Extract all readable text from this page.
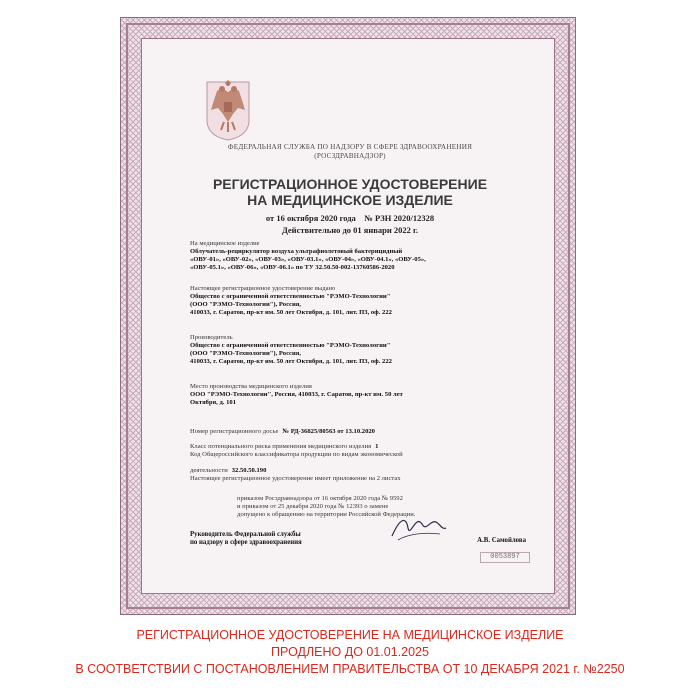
ФЕДЕРАЛЬНАЯ СЛУЖБА ПО НАДЗОРУ В СФЕРЕ ЗДРАВООХРАНЕНИЯ
(РОСЗДРАВНАДЗОР)
РЕГИСТРАЦИОННОЕ УДОСТОВЕРЕНИЕ
НА МЕДИЦИНСКОЕ ИЗДЕЛИЕ
от 16 октября 2020 года    № РЗН 2020/12328
Действительно до 01 январи 2022 г.
На медицинское изделие
Облучатель-рециркулятор воздуха ультрафиолетовый бактерицидный
«ОВУ-01», «ОВУ-02», «ОВУ-03», «ОВУ-03.1», «ОВУ-04», «ОВУ-04.1», «ОВУ-05»,
«ОВУ-05.1», «ОВУ-06», «ОВУ-06.1» по ТУ 32.50.50-002-13760586-2020
Настоящее регистрационное удостоверение выдано
Общество с ограниченной ответственностью "РЭМО-Технологии"
(ООО "РЭМО-Технологии"), Россия,
410033, г. Саратов, пр-кт им. 50 лет Октября, д. 101, лит. П3, оф. 222
Производитель
Общество с ограниченной ответственностью "РЭМО-Технологии"
(ООО "РЭМО-Технологии"), Россия,
410033, г. Саратов, пр-кт им. 50 лет Октября, д. 101, лит. П3, оф. 222
Место производства медицинского изделия
ООО "РЭМО-Технологии", Россия, 410033, г. Саратов, пр-кт им. 50 лет
Октября, д. 101
Номер регистрационного досье № РД-36825/80563 от 13.10.2020
Класс потенциального риска применения медицинского изделия 1
Код Общероссийского классификатора продукции по видам экономической
деятельности 32.50.50.190
Настоящее регистрационное удостоверение имеет приложение на 2 листах
приказом Росздравнадзора от 16 октября 2020 года № 9592
и приказом от 25 декабря 2020 года № 12393 о замене
допущено к обращению на территории Российской Федерации.
Руководитель Федеральной службы
по надзору в сфере здравоохранения	А.В. Самойлова
0053897
РЕГИСТРАЦИОННОЕ УДОСТОВЕРЕНИЕ НА МЕДИЦИНСКОЕ ИЗДЕЛИЕ
ПРОДЛЕНО ДО 01.01.2025
В СООТВЕТСТВИИ С ПОСТАНОВЛЕНИЕМ ПРАВИТЕЛЬСТВА ОТ 10 ДЕКАБРЯ 2021 г. №2250
